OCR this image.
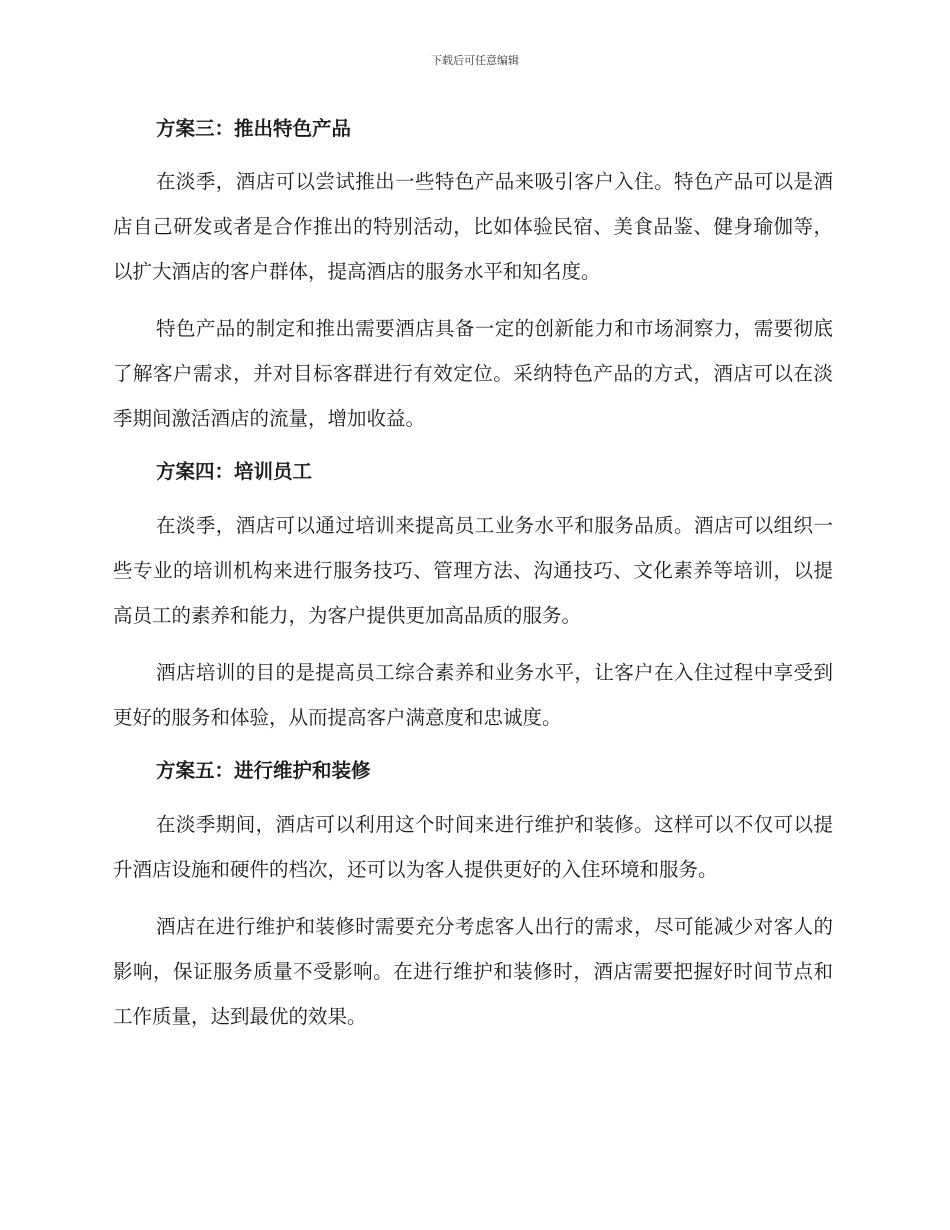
下载后可任意编辑
方案三：推出特色产品

在淡季，酒店可以尝试推出一些特色产品来吸引客户入住。特色产品可以是酒店自己研发或者是合作推出的特别活动，比如体验民宿、美食品鉴、健身瑜伽等，以扩大酒店的客户群体，提高酒店的服务水平和知名度。

特色产品的制定和推出需要酒店具备一定的创新能力和市场洞察力，需要彻底了解客户需求，并对目标客群进行有效定位。采纳特色产品的方式，酒店可以在淡季期间激活酒店的流量，增加收益。

方案四：培训员工

在淡季，酒店可以通过培训来提高员工业务水平和服务品质。酒店可以组织一些专业的培训机构来进行服务技巧、管理方法、沟通技巧、文化素养等培训，以提高员工的素养和能力，为客户提供更加高品质的服务。

酒店培训的目的是提高员工综合素养和业务水平，让客户在入住过程中享受到更好的服务和体验，从而提高客户满意度和忠诚度。

方案五：进行维护和装修

在淡季期间，酒店可以利用这个时间来进行维护和装修。这样可以不仅可以提升酒店设施和硬件的档次，还可以为客人提供更好的入住环境和服务。

酒店在进行维护和装修时需要充分考虑客人出行的需求，尽可能减少对客人的影响，保证服务质量不受影响。在进行维护和装修时，酒店需要把握好时间节点和工作质量，达到最优的效果。
